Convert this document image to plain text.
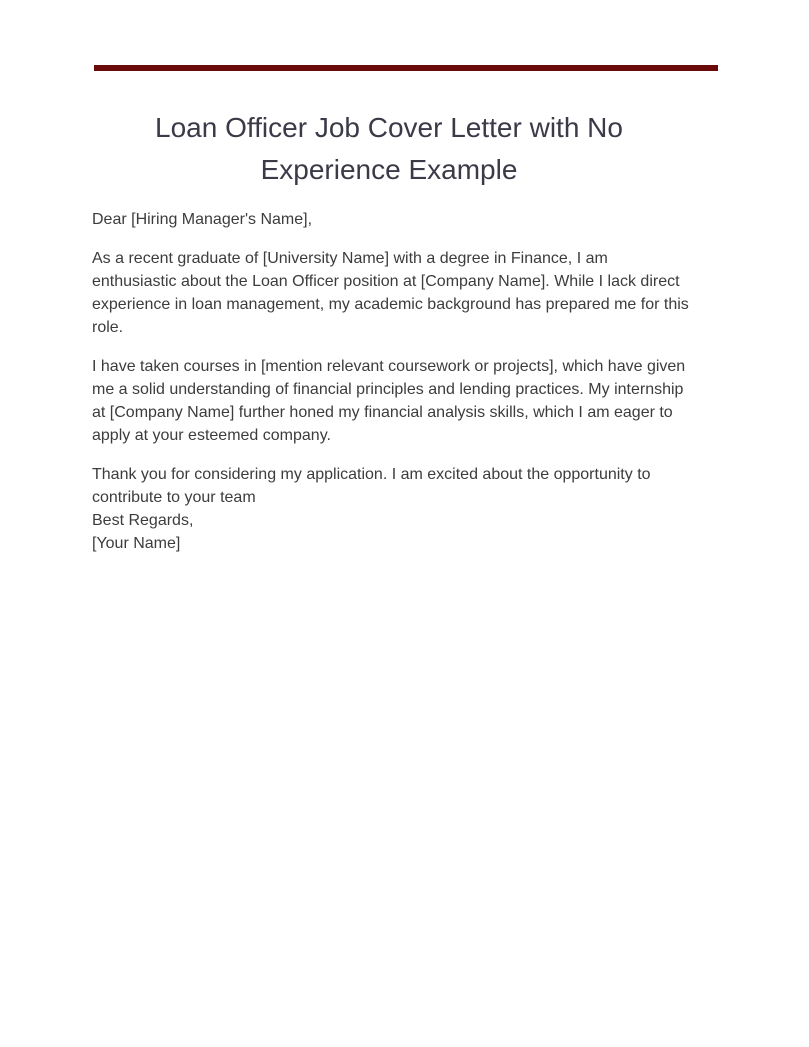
Loan Officer Job Cover Letter with No Experience Example

Dear [Hiring Manager's Name],

As a recent graduate of [University Name] with a degree in Finance, I am enthusiastic about the Loan Officer position at [Company Name]. While I lack direct experience in loan management, my academic background has prepared me for this role.

I have taken courses in [mention relevant coursework or projects], which have given me a solid understanding of financial principles and lending practices. My internship at [Company Name] further honed my financial analysis skills, which I am eager to apply at your esteemed company.

Thank you for considering my application. I am excited about the opportunity to contribute to your team

Best Regards,
[Your Name]
